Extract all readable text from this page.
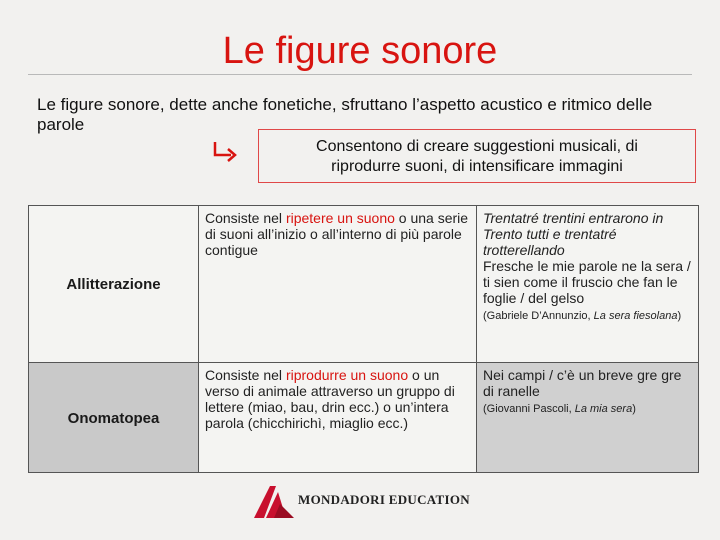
Le figure sonore
Le figure sonore, dette anche fonetiche, sfruttano l’aspetto acustico e ritmico delle parole
Consentono di creare suggestioni musicali, di
riprodurre suoni, di intensificare immagini
Allitterazione	Consiste nel ripetere un suono o una serie di suoni all’inizio o all’interno di più parole contigue	Trentatré trentini entrarono in Trento tutti e trentatré trotterellando
Fresche le mie parole ne la sera / ti sien come il fruscio che fan le foglie / del gelso
(Gabriele D’Annunzio, La sera fiesolana)

Onomatopea	Consiste nel riprodurre un suono o un verso di animale attraverso un gruppo di lettere (miao, bau, drin ecc.) o un’intera parola (chicchirichì, miaglio ecc.)	Nei campi / c’è un breve gre gre di ranelle
(Giovanni Pascoli, La mia sera)
MONDADORI EDUCATION
